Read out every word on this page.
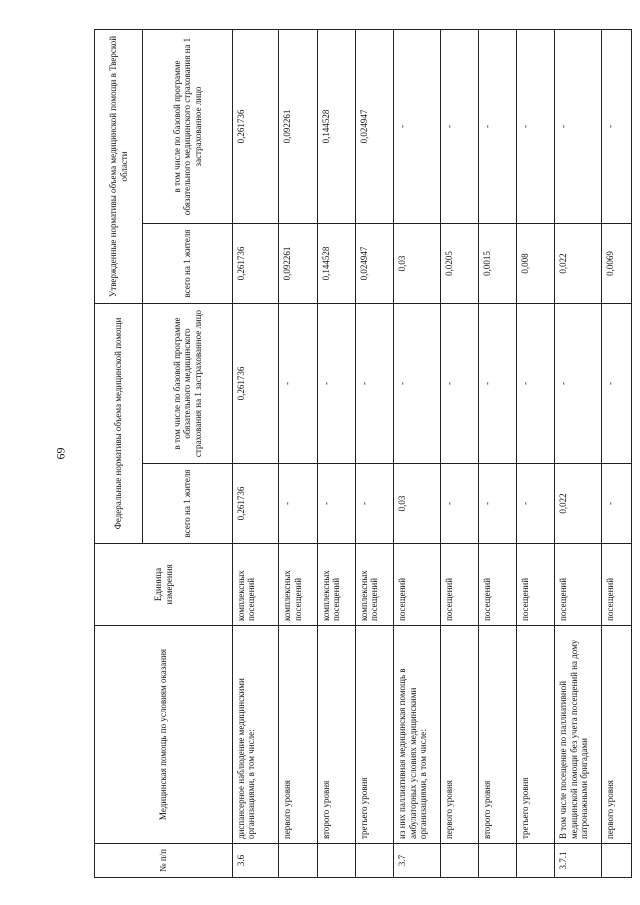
69
№ п/п	Медицинская помощь по условиям оказания	Единица измерения	Федеральные нормативы объема медицинской помощи		Утвержденные нормативы объема медицинской помощи в Тверской области	
			всего на 1 жителя	в том числе по базовой программе обязательного медицинского страхования на 1 застрахованное лицо	всего на 1 жителя	в том числе по базовой программе обязательного медицинского страхования на 1 застрахованное лицо
3.6	диспансерное наблюдение медицинскими организациями, в том числе:	комплексных посещений	0,261736	0,261736	0,261736	0,261736
	первого уровня	комплексных посещений	-	-	0,092261	0,092261
	второго уровня	комплексных посещений	-	-	0,144528	0,144528
	третьего уровня	комплексных посещений	-	-	0,024947	0,024947
3.7	из них паллиативная медицинская помощь в амбулаторных условиях медицинскими организациями, в том числе:	посещений	0,03	-	0,03	-
	первого уровня	посещений	-	-	0,0205	-
	второго уровня	посещений	-	-	0,0015	-
	третьего уровня	посещений	-	-	0,008	-
3.7.1	В том числе посещение по паллиативной медицинской помощи без учета посещений на дому патронажными бригадами	посещений	0,022	-	0,022	-
	первого уровня	посещений	-	-	0,0069	-
